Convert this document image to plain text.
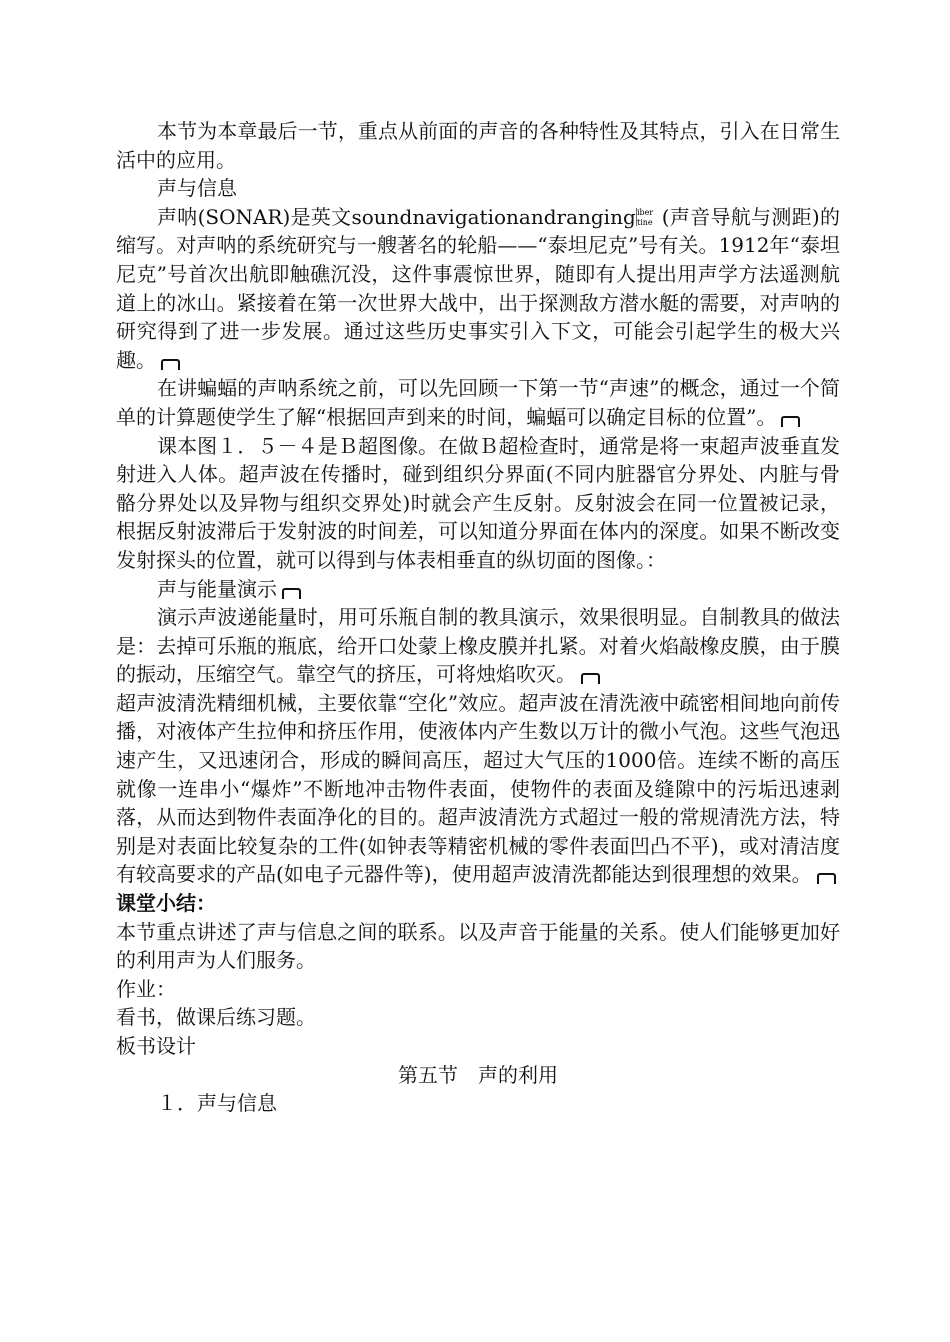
本节为本章最后一节，重点从前面的声音的各种特性及其特点，引入在日常生活中的应用。

声与信息

声呐(SONAR)是英文soundnavigationandranging iber
tine (声音导航与测距)的缩写。对声呐的系统研究与一艘著名的轮船——“泰坦尼克”号有关。1912年“泰坦尼克”号首次出航即触礁沉没，这件事震惊世界，随即有人提出用声学方法遥测航道上的冰山。紧接着在第一次世界大战中，出于探测敌方潜水艇的需要，对声呐的研究得到了进一步发展。通过这些历史事实引入下文，可能会引起学生的极大兴趣。

在讲蝙蝠的声呐系统之前，可以先回顾一下第一节“声速”的概念，通过一个简单的计算题使学生了解“根据回声到来的时间，蝙蝠可以确定目标的位置”。

课本图１．５－４是Ｂ超图像。在做Ｂ超检查时，通常是将一束超声波垂直发射进入人体。超声波在传播时，碰到组织分界面(不同内脏器官分界处、内脏与骨骼分界处以及异物与组织交界处)时就会产生反射。反射波会在同一位置被记录，根据反射波滞后于发射波的时间差，可以知道分界面在体内的深度。如果不断改变发射探头的位置，就可以得到与体表相垂直的纵切面的图像。：

声与能量演示

演示声波递能量时，用可乐瓶自制的教具演示，效果很明显。自制教具的做法是：去掉可乐瓶的瓶底，给开口处蒙上橡皮膜并扎紧。对着火焰敲橡皮膜，由于膜的振动，压缩空气。靠空气的挤压，可将烛焰吹灭。

超声波清洗精细机械，主要依靠“空化”效应。超声波在清洗液中疏密相间地向前传播，对液体产生拉伸和挤压作用，使液体内产生数以万计的微小气泡。这些气泡迅速产生，又迅速闭合，形成的瞬间高压，超过大气压的1000倍。连续不断的高压就像一连串小“爆炸”不断地冲击物件表面，使物件的表面及缝隙中的污垢迅速剥落，从而达到物件表面净化的目的。超声波清洗方式超过一般的常规清洗方法，特别是对表面比较复杂的工件(如钟表等精密机械的零件表面凹凸不平)，或对清洁度有较高要求的产品(如电子元器件等)，使用超声波清洗都能达到很理想的效果。

课堂小结：

本节重点讲述了声与信息之间的联系。以及声音于能量的关系。使人们能够更加好的利用声为人们服务。

作业：

看书，做课后练习题。

板书设计

第五节　声的利用

１．声与信息
